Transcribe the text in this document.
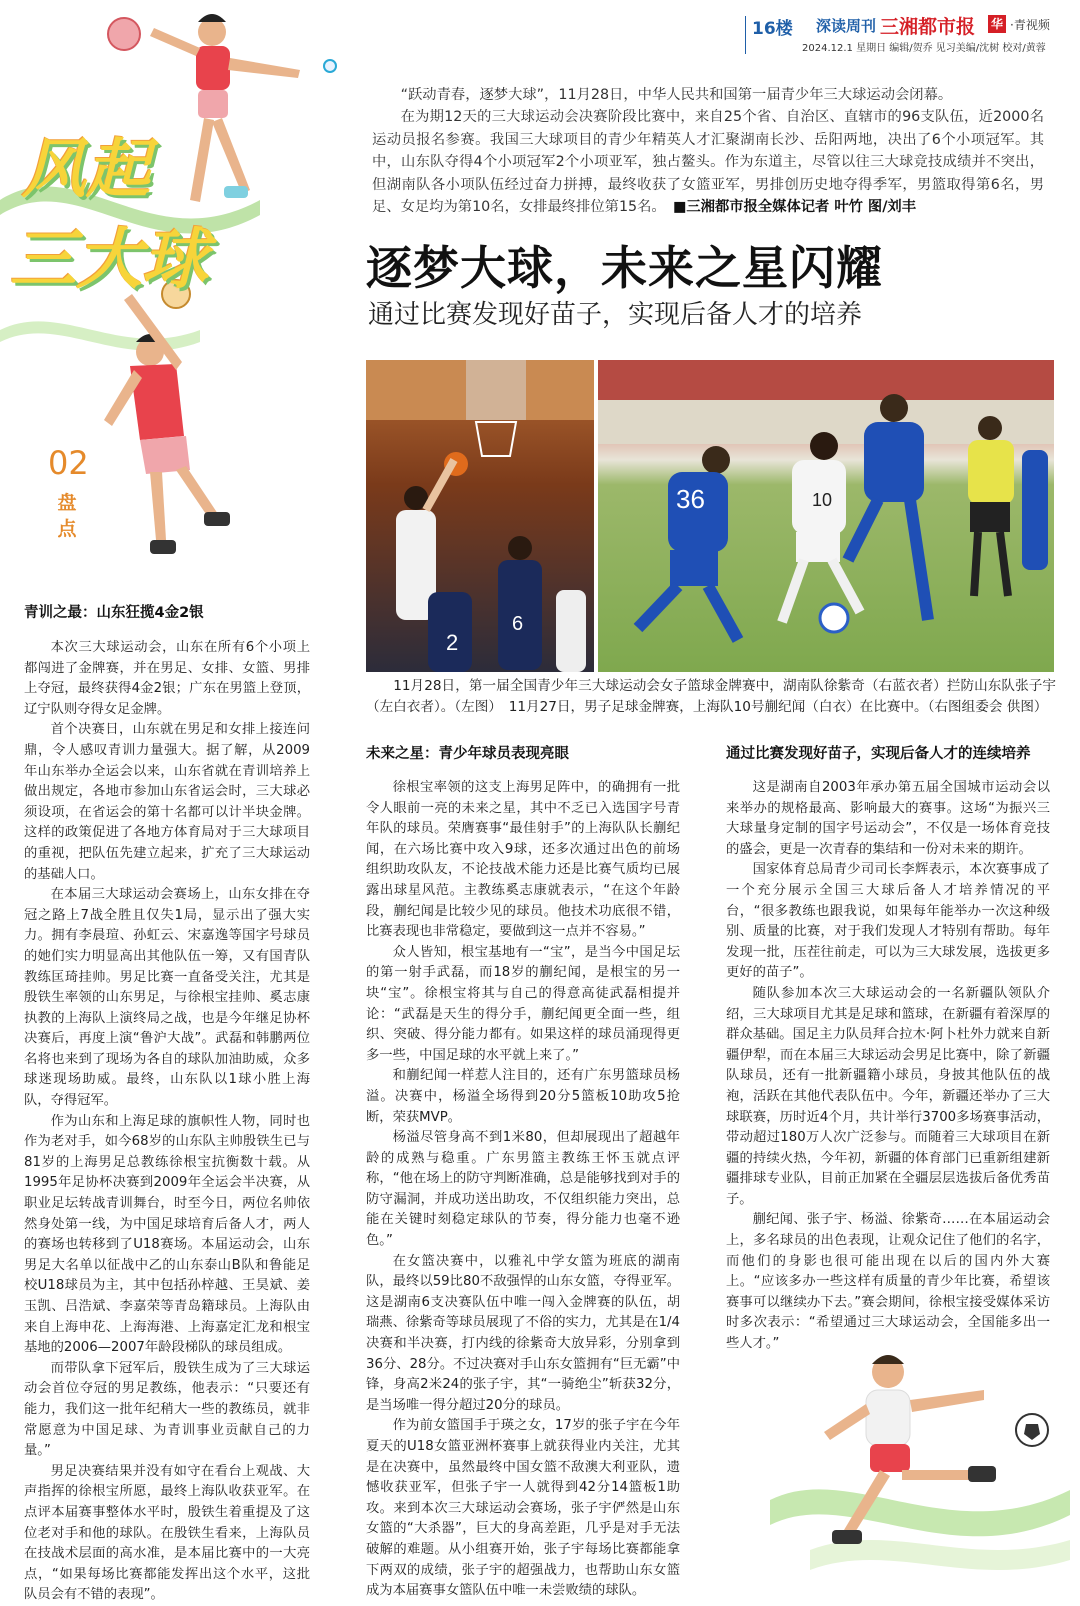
16楼 深读周刊 三湘都市报 华 ·青视频
2024.12.1 星期日 编辑/贺乔 见习美编/沈树 校对/黄蓉
风起
三大球
02
盘点

“跃动青春，逐梦大球”，11月28日，中华人民共和国第一届青少年三大球运动会闭幕。

在为期12天的三大球运动会决赛阶段比赛中，来自25个省、自治区、直辖市的96支队伍，近2000名运动员报名参赛。我国三大球项目的青少年精英人才汇聚湖南长沙、岳阳两地，决出了6个小项冠军。其中，山东队夺得4个小项冠军2个小项亚军，独占鳌头。作为东道主，尽管以往三大球竞技成绩并不突出，但湖南队各小项队伍经过奋力拼搏，最终收获了女篮亚军，男排创历史地夺得季军，男篮取得第6名，男足、女足均为第10名，女排最终排位第15名。　 ■三湘都市报全媒体记者 叶竹 图/刘丰

逐梦大球，未来之星闪耀
通过比赛发现好苗子，实现后备人才的培养
2
6
36	10

11月28日，第一届全国青少年三大球运动会女子篮球金牌赛中，湖南队徐紫奇（右蓝衣者）拦防山东队张子宇（左白衣者）。（左图）　11月27日，男子足球金牌赛，上海队10号蒯纪闻（白衣）在比赛中。（右图组委会 供图）

青训之最：山东狂揽4金2银

本次三大球运动会，山东在所有6个小项上都闯进了金牌赛，并在男足、女排、女篮、男排上夺冠，最终获得4金2银；广东在男篮上登顶，辽宁队则夺得女足金牌。

首个决赛日，山东就在男足和女排上接连问鼎，令人感叹青训力量强大。据了解，从2009年山东举办全运会以来，山东省就在青训培养上做出规定，各地市参加山东省运会时，三大球必须设项，在省运会的第十名都可以计半块金牌。这样的政策促进了各地方体育局对于三大球项目的重视，把队伍先建立起来，扩充了三大球运动的基础人口。

在本届三大球运动会赛场上，山东女排在夺冠之路上7战全胜且仅失1局，显示出了强大实力。拥有李晨瑄、孙虹云、宋嘉逸等国字号球员的她们实力明显高出其他队伍一筹，又有国青队教练匡琦挂帅。男足比赛一直备受关注，尤其是殷铁生率领的山东男足，与徐根宝挂帅、奚志康执教的上海队上演终局之战，也是今年继足协杯决赛后，再度上演“鲁沪大战”。武磊和韩鹏两位名将也来到了现场为各自的球队加油助威，众多球迷现场助威。最终，山东队以1球小胜上海队，夺得冠军。

作为山东和上海足球的旗帜性人物，同时也作为老对手，如今68岁的山东队主帅殷铁生已与81岁的上海男足总教练徐根宝抗衡数十载。从1995年足协杯决赛到2009年全运会半决赛，从职业足坛转战青训舞台，时至今日，两位名帅依然身处第一线，为中国足球培育后备人才，两人的赛场也转移到了U18赛场。本届运动会，山东男足大名单以征战中乙的山东泰山B队和鲁能足校U18球员为主，其中包括孙梓越、王昊斌、姜玉凯、吕浩斌、李嘉荣等青岛籍球员。上海队由来自上海申花、上海海港、上海嘉定汇龙和根宝基地的2006—2007年龄段梯队的球员组成。

而带队拿下冠军后，殷铁生成为了三大球运动会首位夺冠的男足教练，他表示：“只要还有能力，我们这一批年纪稍大一些的教练员，就非常愿意为中国足球、为青训事业贡献自己的力量。”

男足决赛结果并没有如守在看台上观战、大声指挥的徐根宝所愿，最终上海队收获亚军。在点评本届赛事整体水平时，殷铁生着重提及了这位老对手和他的球队。在殷铁生看来，上海队员在技战术层面的高水准，是本届比赛中的一大亮点，“如果每场比赛都能发挥出这个水平，这批队员会有不错的表现”。

未来之星：青少年球员表现亮眼

徐根宝率领的这支上海男足阵中，的确拥有一批令人眼前一亮的未来之星，其中不乏已入选国字号青年队的球员。荣膺赛事“最佳射手”的上海队队长蒯纪闻，在六场比赛中攻入9球，还多次通过出色的前场组织助攻队友，不论技战术能力还是比赛气质均已展露出球星风范。主教练奚志康就表示，“在这个年龄段，蒯纪闻是比较少见的球员。他技术功底很不错，比赛表现也非常稳定，要做到这一点并不容易。”

众人皆知，根宝基地有一“宝”，是当今中国足坛的第一射手武磊，而18岁的蒯纪闻，是根宝的另一块“宝”。徐根宝将其与自己的得意高徒武磊相提并论：“武磊是天生的得分手，蒯纪闻更全面一些，组织、突破、得分能力都有。如果这样的球员涌现得更多一些，中国足球的水平就上来了。”

和蒯纪闻一样惹人注目的，还有广东男篮球员杨溢。决赛中，杨溢全场得到20分5篮板10助攻5抢断，荣获MVP。

杨溢尽管身高不到1米80，但却展现出了超越年龄的成熟与稳重。广东男篮主教练王怀玉就点评称，“他在场上的防守判断准确，总是能够找到对手的防守漏洞，并成功送出助攻，不仅组织能力突出，总能在关键时刻稳定球队的节奏，得分能力也毫不逊色。”

在女篮决赛中，以雅礼中学女篮为班底的湖南队，最终以59比80不敌强悍的山东女篮，夺得亚军。这是湖南6支决赛队伍中唯一闯入金牌赛的队伍，胡瑞燕、徐紫奇等球员展现了不俗的实力，尤其是在1/4决赛和半决赛，打内线的徐紫奇大放异彩，分别拿到36分、28分。不过决赛对手山东女篮拥有“巨无霸”中锋，身高2米24的张子宇，其“一骑绝尘”斩获32分，是当场唯一得分超过20分的球员。

作为前女篮国手于瑛之女，17岁的张子宇在今年夏天的U18女篮亚洲杯赛事上就获得业内关注，尤其是在决赛中，虽然最终中国女篮不敌澳大利亚队，遗憾收获亚军，但张子宇一人就得到42分14篮板1助攻。来到本次三大球运动会赛场，张子宇俨然是山东女篮的“大杀器”，巨大的身高差距，几乎是对手无法破解的难题。从小组赛开始，张子宇每场比赛都能拿下两双的成绩，张子宇的超强战力，也帮助山东女篮成为本届赛事女篮队伍中唯一未尝败绩的球队。

通过比赛发现好苗子，实现后备人才的连续培养

这是湖南自2003年承办第五届全国城市运动会以来举办的规格最高、影响最大的赛事。这场“为振兴三大球量身定制的国字号运动会”，不仅是一场体育竞技的盛会，更是一次青春的集结和一份对未来的期许。

国家体育总局青少司司长李辉表示，本次赛事成了一个充分展示全国三大球后备人才培养情况的平台，“很多教练也跟我说，如果每年能举办一次这种级别、质量的比赛，对于我们发现人才特别有帮助。每年发现一批，压茬往前走，可以为三大球发展，选拔更多更好的苗子”。

随队参加本次三大球运动会的一名新疆队领队介绍，三大球项目尤其是足球和篮球，在新疆有着深厚的群众基础。国足主力队员拜合拉木·阿卜杜外力就来自新疆伊犁，而在本届三大球运动会男足比赛中，除了新疆队球员，还有一批新疆籍小球员，身披其他队伍的战袍，活跃在其他代表队伍中。今年，新疆还举办了三大球联赛，历时近4个月，共计举行3700多场赛事活动，带动超过180万人次广泛参与。而随着三大球项目在新疆的持续火热，今年初，新疆的体育部门已重新组建新疆排球专业队，目前正加紧在全疆层层选拔后备优秀苗子。

蒯纪闻、张子宇、杨溢、徐紫奇……在本届运动会上，多名球员的出色表现，让观众记住了他们的名字，而他们的身影也很可能出现在以后的国内外大赛上。“应该多办一些这样有质量的青少年比赛，希望该赛事可以继续办下去。”赛会期间，徐根宝接受媒体采访时多次表示：“希望通过三大球运动会，全国能多出一些人才。”
